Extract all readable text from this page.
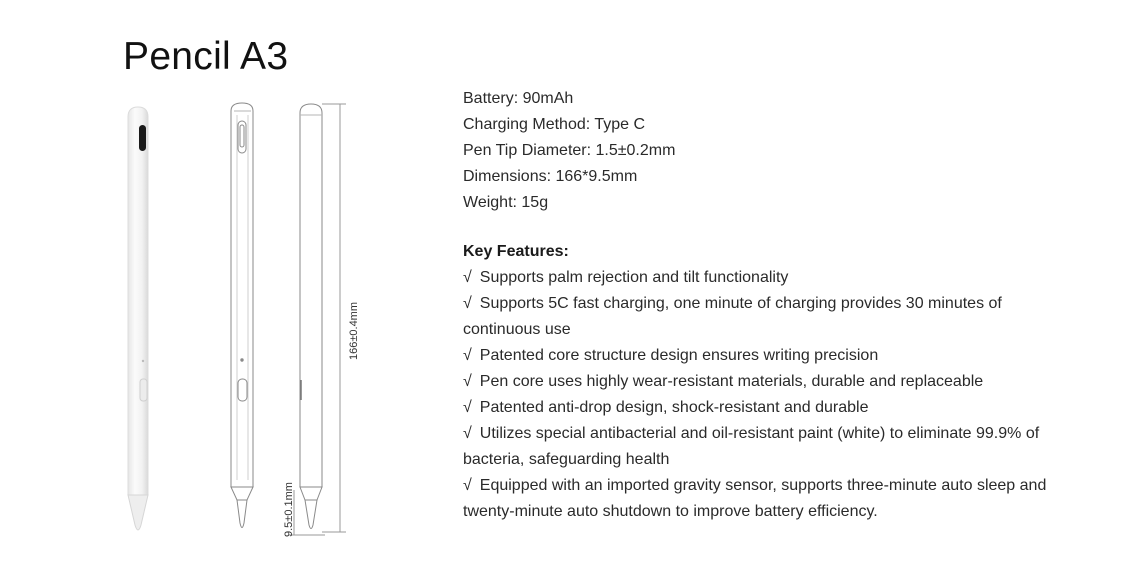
Pencil A3
166±0.4mm
9.5±0.1mm
Battery: 90mAh
Charging Method: Type C
Pen Tip Diameter: 1.5±0.2mm
Dimensions: 166*9.5mm
Weight: 15g
Key Features:
√ Supports palm rejection and tilt functionality
√ Supports 5C fast charging, one minute of charging provides 30 minutes of continuous use
√ Patented core structure design ensures writing precision
√ Pen core uses highly wear-resistant materials, durable and replaceable
√ Patented anti-drop design, shock-resistant and durable
√ Utilizes special antibacterial and oil-resistant paint (white) to eliminate 99.9% of bacteria, safeguarding health
√ Equipped with an imported gravity sensor, supports three-minute auto sleep and twenty-minute auto shutdown to improve battery efficiency.
